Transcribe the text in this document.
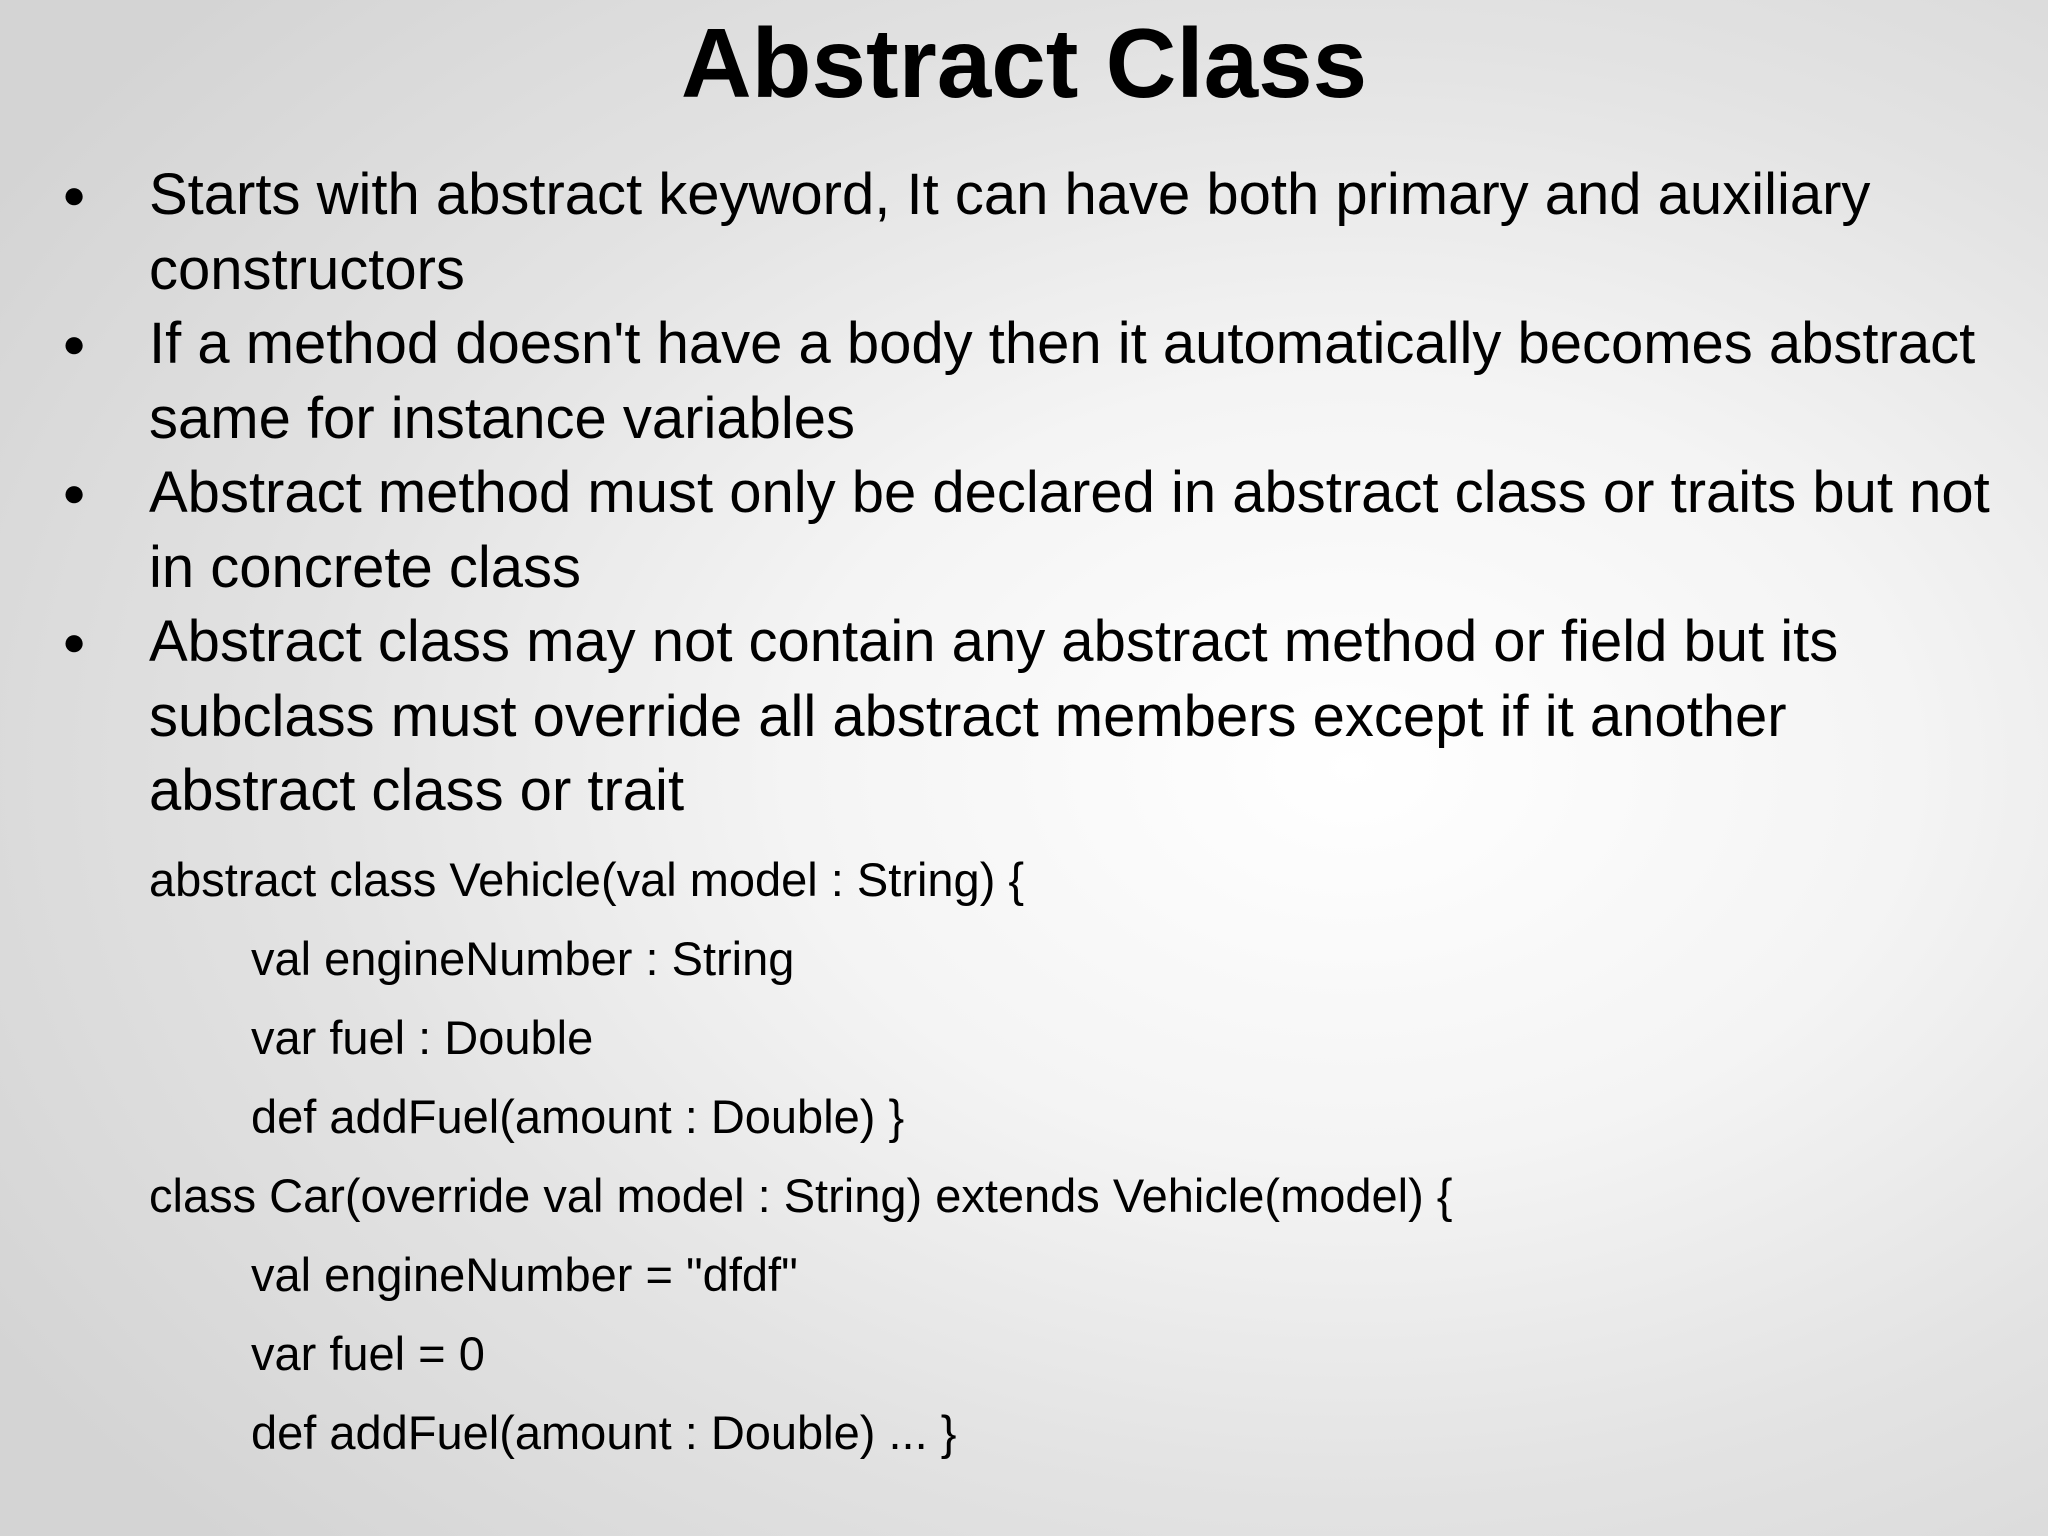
Abstract Class
● Starts with abstract keyword, It can have both primary and auxiliary constructors
● If a method doesn't have a body then it automatically becomes abstract same for instance variables
● Abstract method must only be declared in abstract class or traits but not in concrete class
● Abstract class may not contain any abstract method or field but its subclass must override all abstract members except if it another abstract class or trait
abstract class Vehicle(val model : String) {
val engineNumber : String
var fuel : Double
def addFuel(amount : Double) }
class Car(override val model : String) extends Vehicle(model) {
val engineNumber = "dfdf"
var fuel = 0
def addFuel(amount : Double) ... }
